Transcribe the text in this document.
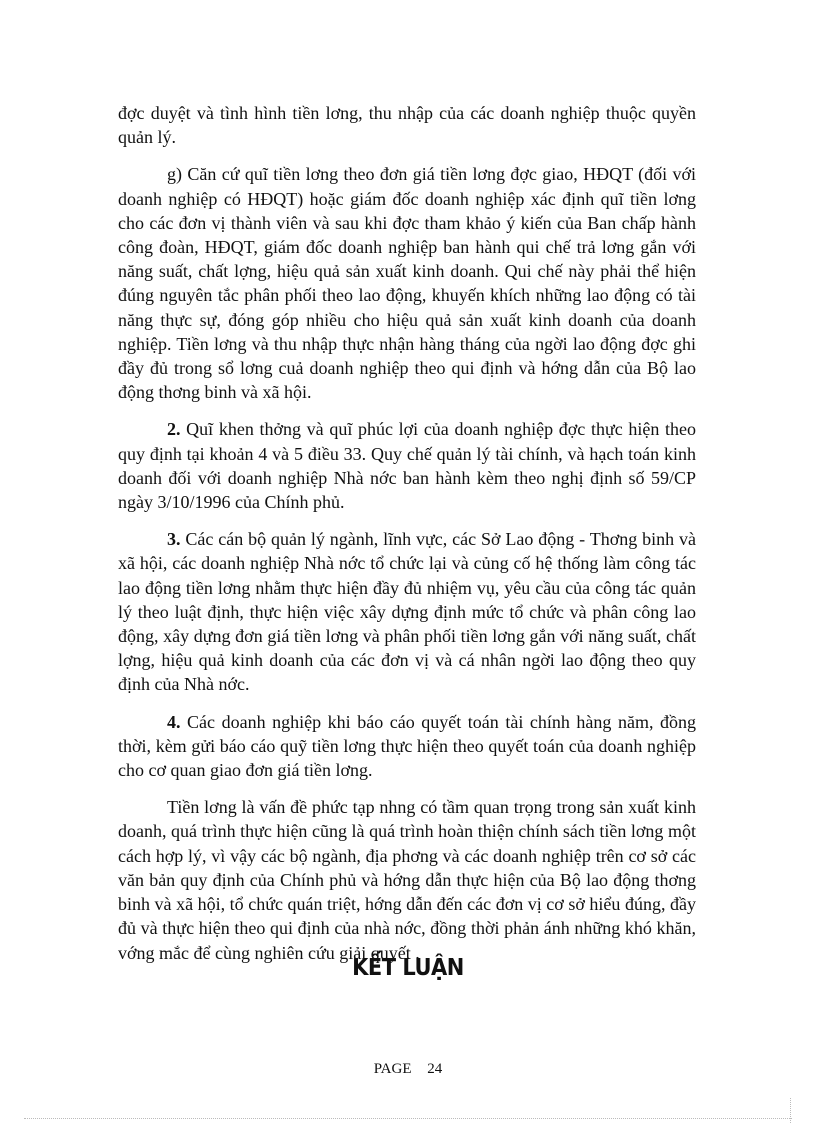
đợc duyệt và tình hình tiền lơng, thu nhập của các doanh nghiệp thuộc quyền quản lý.

g) Căn cứ quĩ tiền lơng theo đơn giá tiền lơng đợc giao, HĐQT (đối với doanh nghiệp có HĐQT) hoặc giám đốc doanh nghiệp xác định quĩ tiền lơng cho các đơn vị thành viên và sau khi đợc tham khảo ý kiến của Ban chấp hành công đoàn, HĐQT, giám đốc doanh nghiệp ban hành qui chế trả lơng gắn với năng suất, chất lợng, hiệu quả sản xuất kinh doanh. Qui chế này phải thể hiện đúng nguyên tắc phân phối theo lao động, khuyến khích những lao động có tài năng thực sự, đóng góp nhiều cho hiệu quả sản xuất kinh doanh của doanh nghiệp. Tiền lơng và thu nhập thực nhận hàng tháng của ngời lao động đợc ghi đầy đủ trong sổ lơng cuả doanh nghiệp theo qui định và hớng dẫn của Bộ lao động thơng binh và xã hội.

2. Quĩ khen thởng và quĩ phúc lợi của doanh nghiệp đợc thực hiện theo quy định tại khoản 4 và 5 điều 33. Quy chế quản lý tài chính, và hạch toán kinh doanh đối với doanh nghiệp Nhà nớc ban hành kèm theo nghị định số 59/CP ngày 3/10/1996 của Chính phủ.

3. Các cán bộ quản lý ngành, lĩnh vực, các Sở Lao động - Thơng binh và xã hội, các doanh nghiệp Nhà nớc tổ chức lại và củng cố hệ thống làm công tác lao động tiền lơng nhằm thực hiện đầy đủ nhiệm vụ, yêu cầu của công tác quản lý theo luật định, thực hiện việc xây dựng định mức tổ chức và phân công lao động, xây dựng đơn giá tiền lơng và phân phối tiền lơng gắn với năng suất, chất lợng, hiệu quả kinh doanh của các đơn vị và cá nhân ngời lao động theo quy định của Nhà nớc.

4. Các doanh nghiệp khi báo cáo quyết toán tài chính hàng năm, đồng thời, kèm gửi báo cáo quỹ tiền lơng thực hiện theo quyết toán của doanh nghiệp cho cơ quan giao đơn giá tiền lơng.

Tiền lơng là vấn đề phức tạp nhng có tầm quan trọng trong sản xuất kinh doanh, quá trình thực hiện cũng là quá trình hoàn thiện chính sách tiền lơng một cách hợp lý, vì vậy các bộ ngành, địa phơng và các doanh nghiệp trên cơ sở các văn bản quy định của Chính phủ và hớng dẫn thực hiện của Bộ lao động thơng binh và xã hội, tổ chức quán triệt, hớng dẫn đến các đơn vị cơ sở hiểu đúng, đầy đủ và thực hiện theo qui định của nhà nớc, đồng thời phản ánh những khó khăn, vớng mắc để cùng nghiên cứu giải quyết .

KẾT LUẬN
PAGE 24
